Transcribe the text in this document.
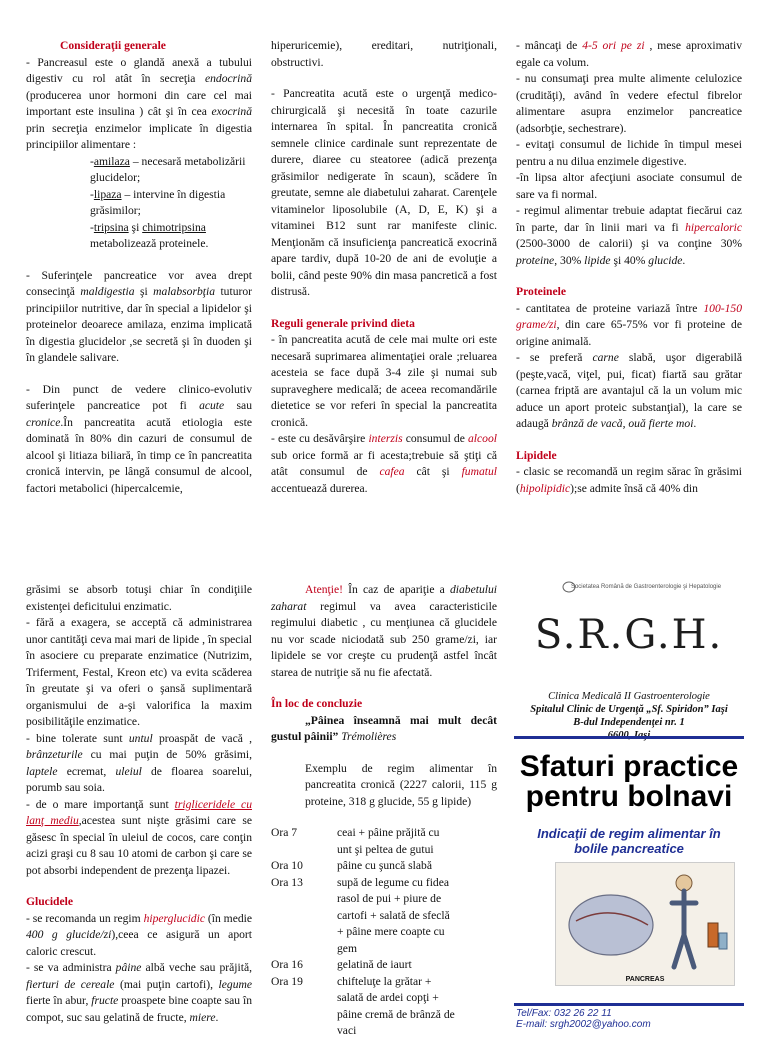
Consideraţii generale

- Pancreasul este o glandă anexă a tubului digestiv cu rol atât în secreţia endocrină (producerea unor hormoni din care cel mai important este insulina ) cât şi în cea exocrină prin secreţia enzimelor implicate în digestia principiilor alimentare :

-amilaza – necesară metabolizării glucidelor;

-lipaza – intervine în digestia grăsimilor;

-tripsina şi chimotripsina metabolizează proteinele.

- Suferinţele pancreatice vor avea drept consecinţă maldigestia şi malabsorbţia tuturor principiilor nutritive, dar în special a lipidelor şi proteinelor deoarece amilaza, enzima implicată în digestia glucidelor ,se secretă şi în duoden şi în glandele salivare.

- Din punct de vedere clinico-evolutiv suferinţele pancreatice pot fi acute sau cronice.În pancreatita acută etiologia este dominată în 80% din cazuri de consumul de alcool şi litiaza biliară, în timp ce în pancreatita cronică intervin, pe lângă consumul de alcool, factori metabolici (hipercalcemie,

hiperuricemie), ereditari, nutriţionali, obstructivi.

- Pancreatita acută este o urgenţă medico-chirurgicală şi necesită în toate cazurile internarea în spital. În pancreatita cronică semnele clinice cardinale sunt reprezentate de durere, diaree cu steatoree (adică prezenţa grăsimilor nedigerate în scaun), scădere în greutate, semne ale diabetului zaharat. Carenţele vitaminelor liposolubile (A, D, E, K) şi a vitaminei B12 sunt rar manifeste clinic. Menţionăm că insuficienţa pancreatică exocrină apare tardiv, după 10-20 de ani de evoluţie a bolii, când peste 90% din masa pancretică a fost distrusă.

Reguli generale privind dieta

- în pancreatita acută de cele mai multe ori este necesară suprimarea alimentaţiei orale ;reluarea acesteia se face după 3-4 zile şi numai sub supraveghere medicală; de aceea recomandările dietetice se vor referi în special la pancreatita cronică.

- este cu desăvârşire interzis consumul de alcool sub orice formă ar fi acesta;trebuie să ştiţi că atât consumul de cafea cât şi fumatul accentuează durerea.

- mâncaţi de 4-5 ori pe zi , mese aproximativ egale ca volum.

- nu consumaţi prea multe alimente celulozice (crudităţi), având în vedere efectul fibrelor alimentare asupra enzimelor pancreatice (adsorbţie, sechestrare).

- evitaţi consumul de lichide în timpul mesei pentru a nu dilua enzimele digestive.

-în lipsa altor afecţiuni asociate consumul de sare va fi normal.

- regimul alimentar trebuie adaptat fiecărui caz în parte, dar în linii mari va fi hipercaloric (2500-3000 de calorii) şi va conţine 30% proteine, 30% lipide şi 40% glucide.

Proteinele

- cantitatea de proteine variază între 100-150 grame/zi, din care 65-75% vor fi proteine de origine animală.

- se preferă carne slabă, uşor digerabilă (peşte,vacă, viţel, pui, ficat) fiartă sau grătar (carnea friptă are avantajul că la un volum mic aduce un aport proteic substanţial), la care se adaugă brânză de vacă, ouă fierte moi.

Lipidele

- clasic se recomandă un regim sărac în grăsimi (hipolipidic);se admite însă că 40% din

grăsimi se absorb totuşi chiar în condiţiile existenţei deficitului enzimatic.

- fără a exagera, se acceptă că administrarea unor cantităţi ceva mai mari de lipide , în special în asociere cu preparate enzimatice (Nutrizim, Triferment, Festal, Kreon etc) va evita scăderea în greutate şi va oferi o şansă suplimentară organismului de a-şi valorifica la maxim posibilităţile enzimatice.

- bine tolerate sunt untul proaspăt de vacă , brânzeturile cu mai puţin de 50% grăsimi, laptele ecremat, uleiul de floarea soarelui, porumb sau soia.

- de o mare importanţă sunt trigliceridele cu lanţ mediu,acestea sunt nişte grăsimi care se găsesc în special în uleiul de cocos, care conţin acizi graşi cu 8 sau 10 atomi de carbon şi care se pot absorbi independent de prezenţa lipazei.

Glucidele

- se recomanda un regim hiperglucidic (în medie 400 g glucide/zi),ceea ce asigură un aport caloric crescut.

- se va administra pâine albă veche sau prăjită, fierturi de cereale (mai puţin cartofi), legume fierte în abur, fructe proaspete bine coapte sau în compot, suc sau gelatină de fructe, miere.

Atenţie! În caz de apariţie a diabetului zaharat regimul va avea caracteristicile regimului diabetic , cu menţiunea că glucidele nu vor scade niciodată sub 250 grame/zi, iar lipidele se vor creşte cu prudenţă astfel încât starea de nutriţie să nu fie afectată.

În loc de concluzie

„Pâinea înseamnă mai mult decât gustul pâinii” Trémolières

Exemplu de regim alimentar în pancreatita cronică (2227 calorii, 115 g proteine, 318 g glucide, 55 g lipide)

Ora 7	ceai + pâine prăjită cu unt şi peltea de gutui
Ora 10	pâine cu şuncă slabă
Ora 13	supă de legume cu fidea rasol de pui + piure de cartofi + salată de sfeclă + pâine mere coapte cu gem
Ora 16	gelatină de iaurt
Ora 19	chifteluţe la grătar + salată de ardei copţi + pâine cremă de brânză de vaci
Societatea Română de Gastroenterologie şi Hepatologie
S.R.G.H.
Clinica Medicală II Gastroenterologie
Spitalul Clinic de Urgenţă „Sf. Spiridon” Iaşi
B-dul Independenţei nr. 1
Sfaturi practice
pentru bolnavi
Indicaţii de regim alimentar în bolile pancreatice
PANCREAS
Tel/Fax: 032 26 22 11
E-mail: srgh2002@yahoo.com
